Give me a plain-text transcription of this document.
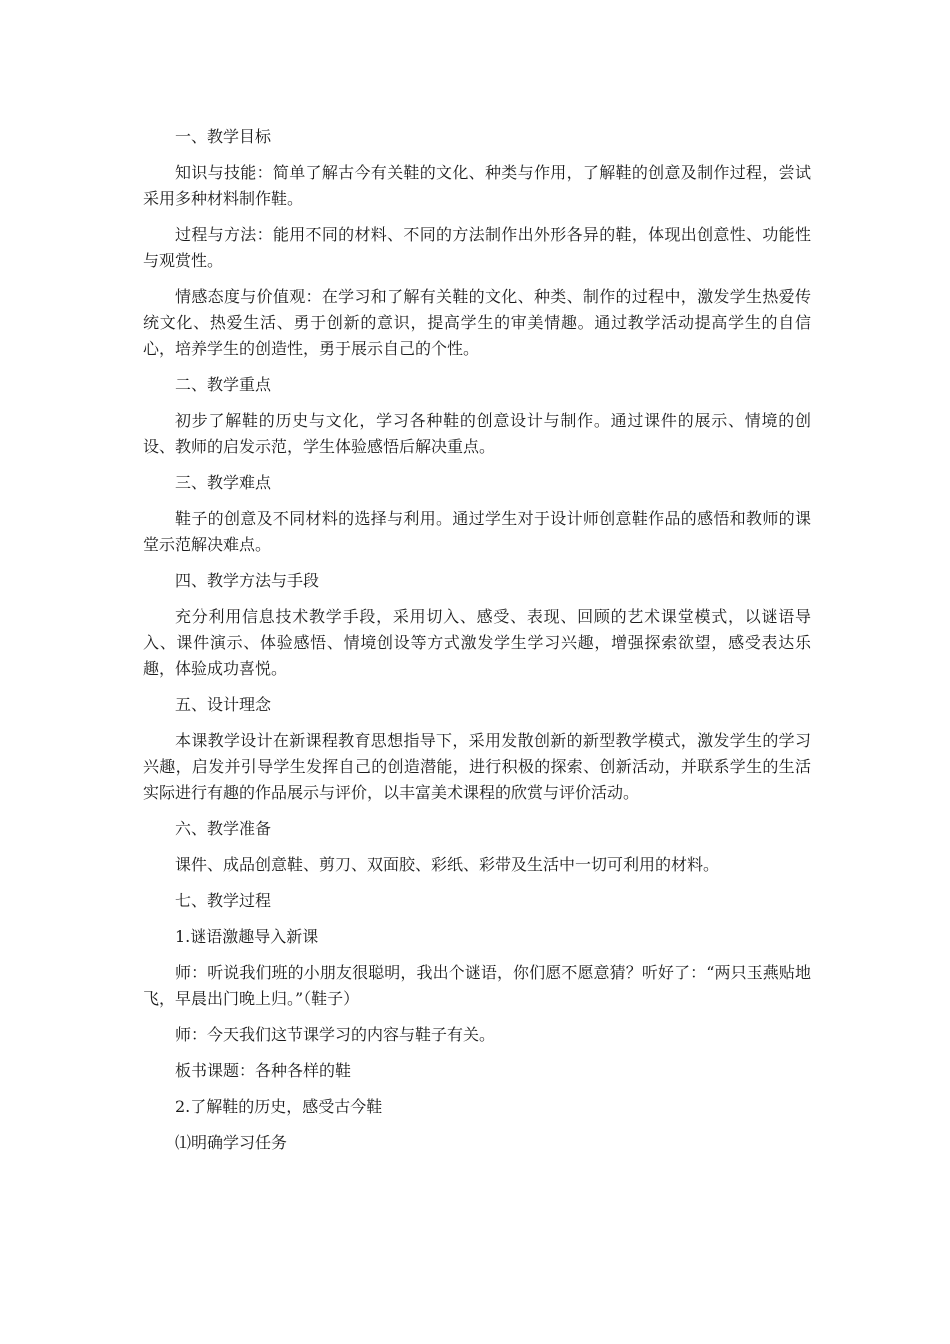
一、教学目标

知识与技能：简单了解古今有关鞋的文化、种类与作用，了解鞋的创意及制作过程，尝试采用多种材料制作鞋。

过程与方法：能用不同的材料、不同的方法制作出外形各异的鞋，体现出创意性、功能性与观赏性。

情感态度与价值观：在学习和了解有关鞋的文化、种类、制作的过程中，激发学生热爱传统文化、热爱生活、勇于创新的意识，提高学生的审美情趣。通过教学活动提高学生的自信心，培养学生的创造性，勇于展示自己的个性。

二、教学重点

初步了解鞋的历史与文化，学习各种鞋的创意设计与制作。通过课件的展示、情境的创设、教师的启发示范，学生体验感悟后解决重点。

三、教学难点

鞋子的创意及不同材料的选择与利用。通过学生对于设计师创意鞋作品的感悟和教师的课堂示范解决难点。

四、教学方法与手段

充分利用信息技术教学手段，采用切入、感受、表现、回顾的艺术课堂模式，以谜语导入、课件演示、体验感悟、情境创设等方式激发学生学习兴趣，增强探索欲望，感受表达乐趣，体验成功喜悦。

五、设计理念

本课教学设计在新课程教育思想指导下，采用发散创新的新型教学模式，激发学生的学习兴趣，启发并引导学生发挥自己的创造潜能，进行积极的探索、创新活动，并联系学生的生活实际进行有趣的作品展示与评价，以丰富美术课程的欣赏与评价活动。

六、教学准备

课件、成品创意鞋、剪刀、双面胶、彩纸、彩带及生活中一切可利用的材料。

七、教学过程

1.谜语激趣导入新课

师：听说我们班的小朋友很聪明，我出个谜语，你们愿不愿意猜？听好了：“两只玉燕贴地飞，早晨出门晚上归。”（鞋子）

师：今天我们这节课学习的内容与鞋子有关。

板书课题：各种各样的鞋

2.了解鞋的历史，感受古今鞋

⑴明确学习任务
